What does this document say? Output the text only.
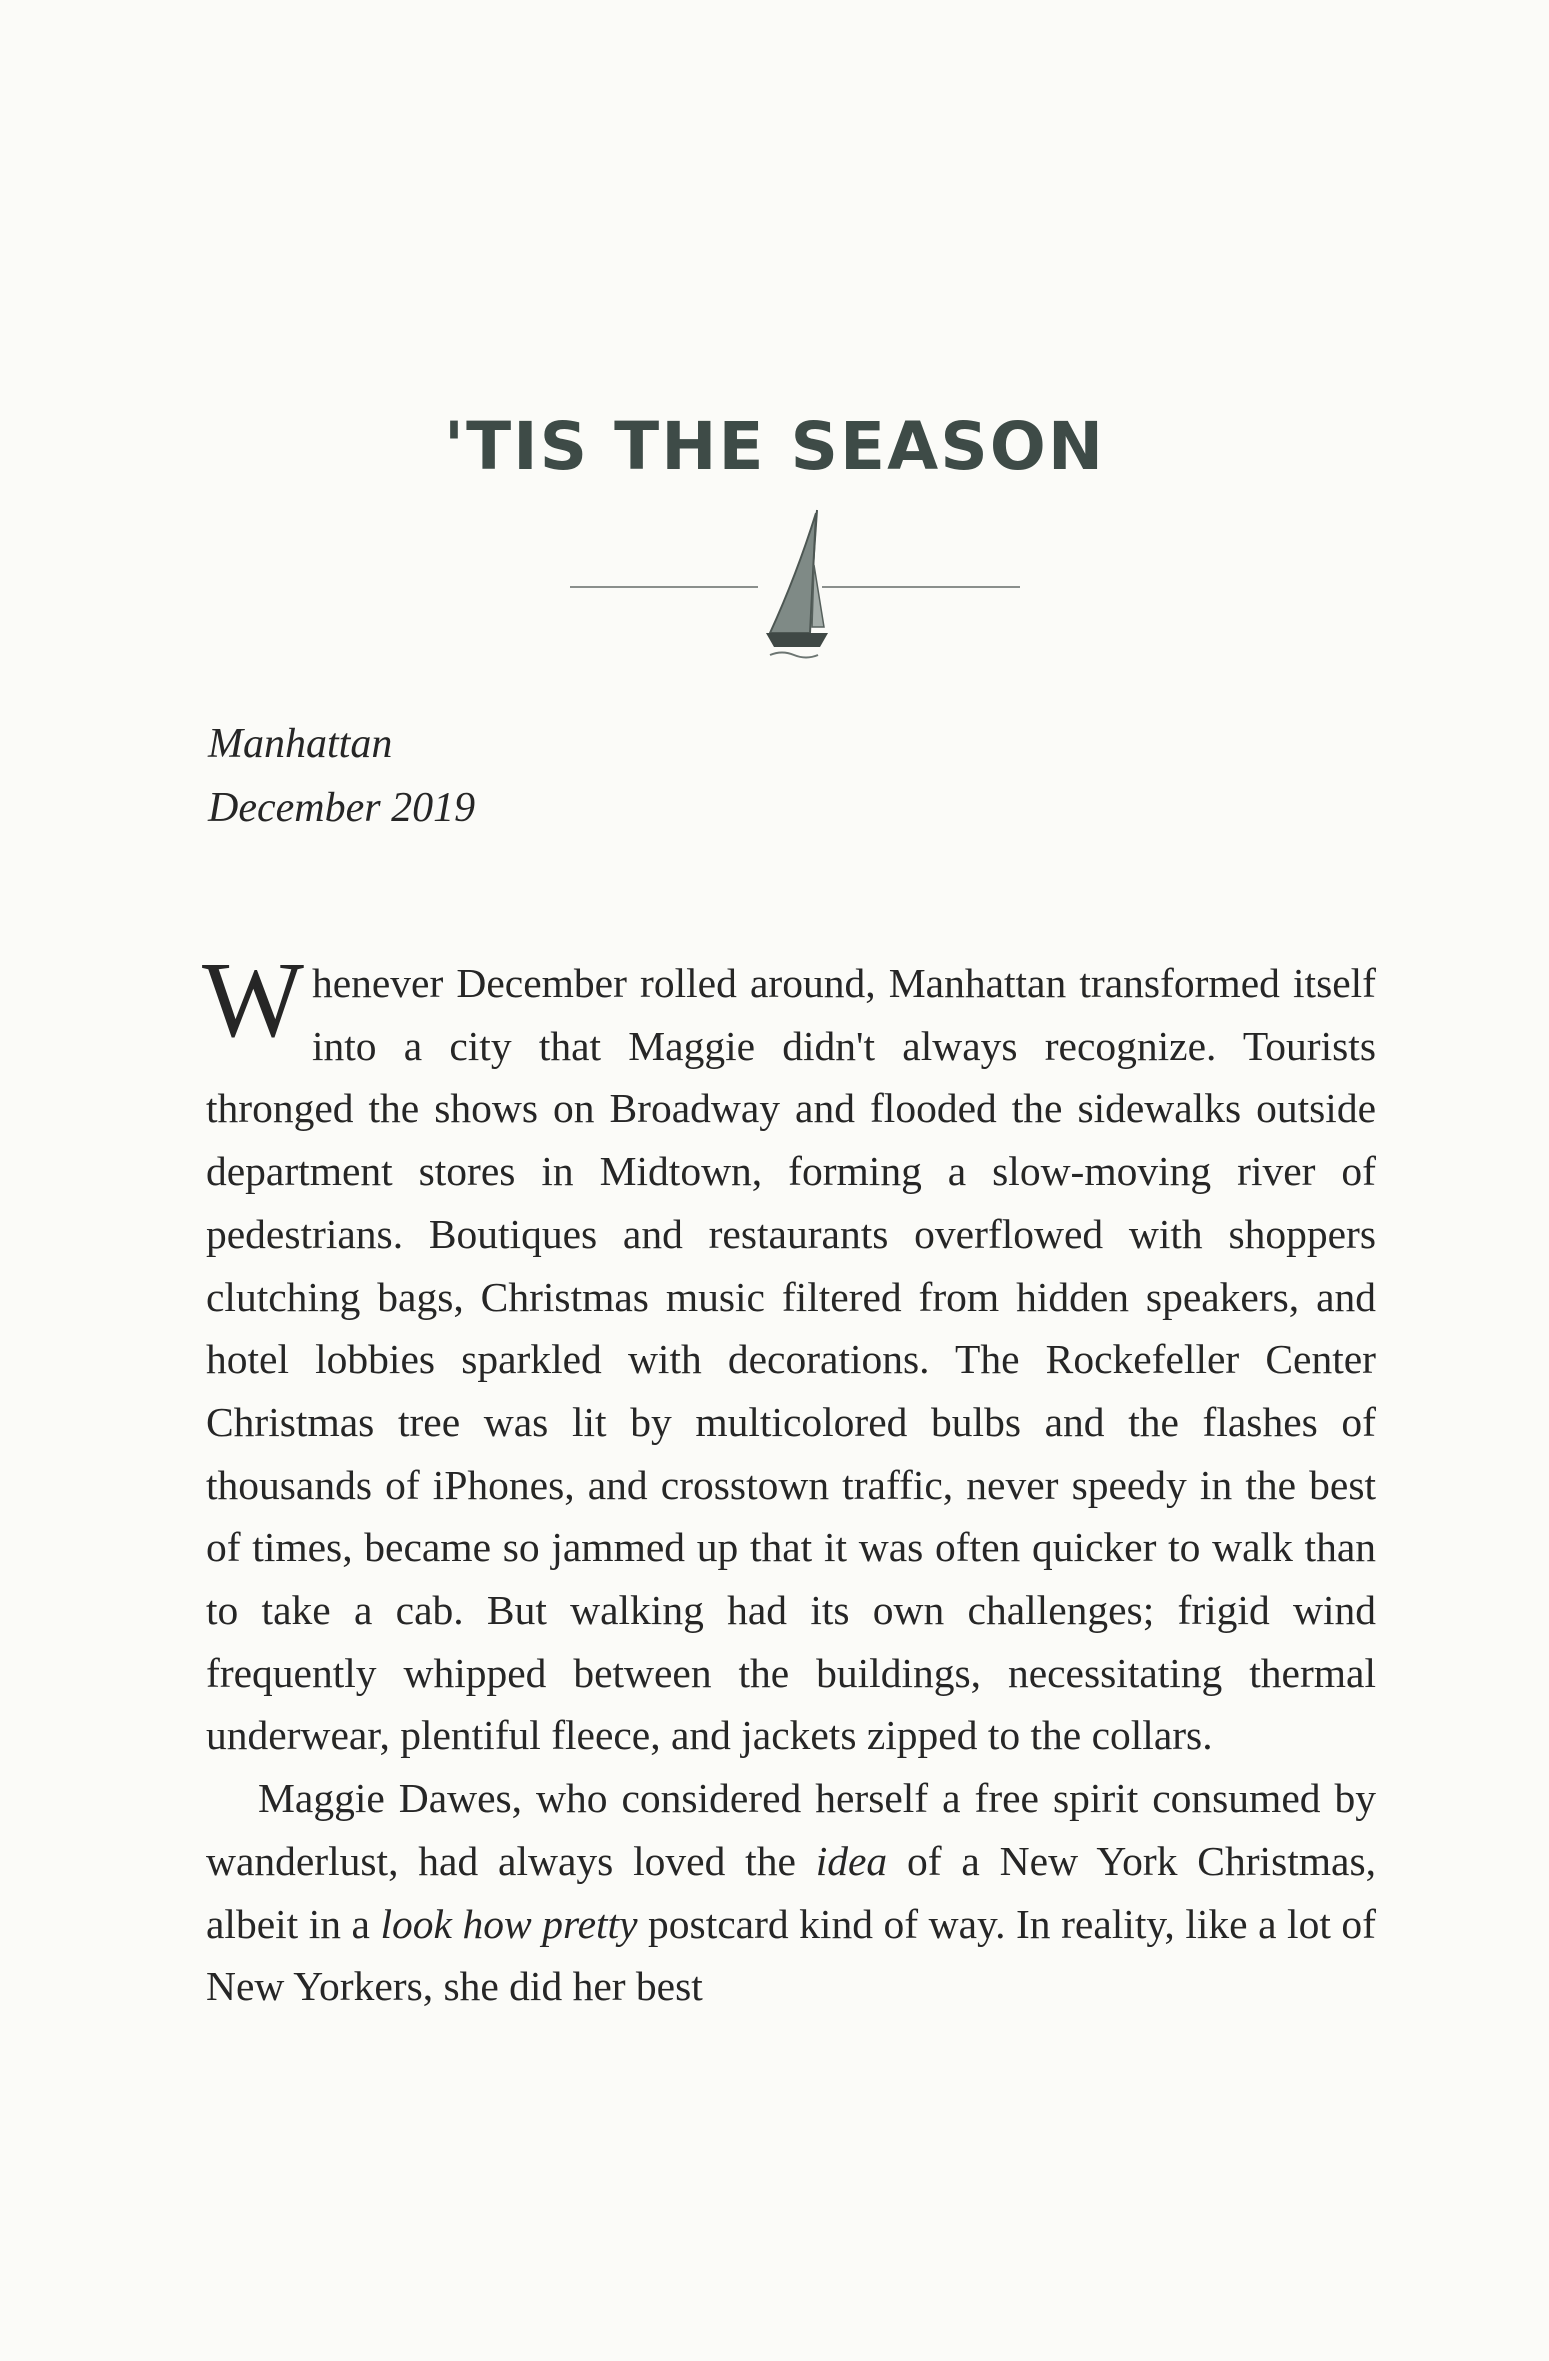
'TIS THE SEASON
Manhattan
December 2019

Whenever December rolled around, Manhattan transformed itself into a city that Maggie didn't always recognize. Tourists thronged the shows on Broadway and flooded the sidewalks outside department stores in Midtown, forming a slow-moving river of pedestrians. Boutiques and restaurants overflowed with shoppers clutching bags, Christmas music filtered from hidden speakers, and hotel lobbies sparkled with decorations. The Rockefeller Center Christmas tree was lit by multicolored bulbs and the flashes of thousands of iPhones, and crosstown traffic, never speedy in the best of times, became so jammed up that it was often quicker to walk than to take a cab. But walking had its own challenges; frigid wind frequently whipped between the buildings, necessitating thermal underwear, plentiful fleece, and jackets zipped to the collars.

Maggie Dawes, who considered herself a free spirit consumed by wanderlust, had always loved the idea of a New York Christmas, albeit in a look how pretty postcard kind of way. In reality, like a lot of New Yorkers, she did her best
